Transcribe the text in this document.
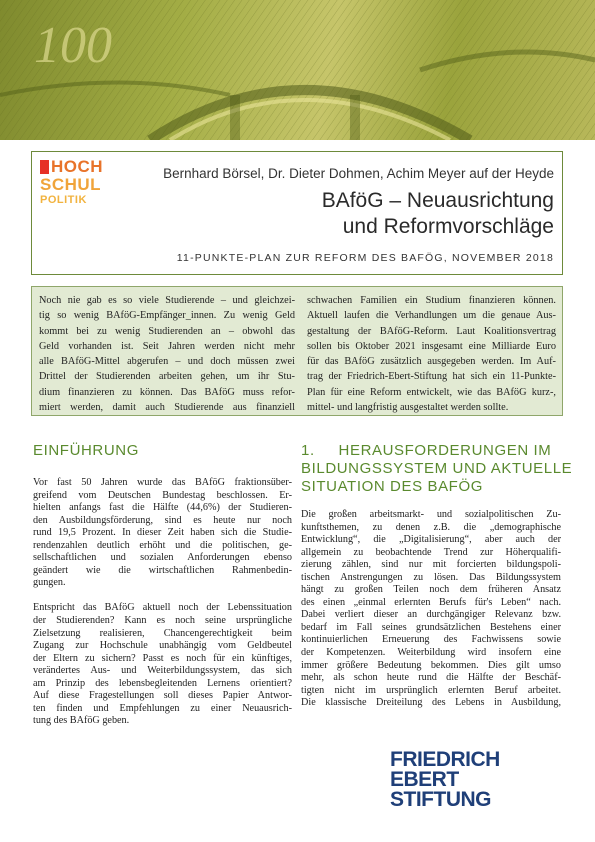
100
HOCH
SCHUL
POLITIK
Bernhard Börsel, Dr. Dieter Dohmen, Achim Meyer auf der Heyde
BAföG – Neuausrichtung
und Reformvorschläge
11-PUNKTE-PLAN ZUR REFORM DES BAFÖG, NOVEMBER 2018
Noch nie gab es so viele Studierende – und gleichzei-
tig so wenig BAföG-Empfänger_innen. Zu wenig Geld
kommt bei zu wenig Studierenden an – obwohl das
Geld vorhanden ist. Seit Jahren werden nicht mehr
alle BAföG-Mittel abgerufen – und doch müssen zwei
Drittel der Studierenden arbeiten gehen, um ihr Stu-
dium finanzieren zu können. Das BAföG muss refor-
miert werden, damit auch Studierende aus finanziell
schwachen Familien ein Studium finanzieren können.
Aktuell laufen die Verhandlungen um die genaue Aus-
gestaltung der BAföG-Reform. Laut Koalitionsvertrag
sollen bis Oktober 2021 insgesamt eine Milliarde Euro
für das BAföG zusätzlich ausgegeben werden. Im Auf-
trag der Friedrich-Ebert-Stiftung hat sich ein 11-Punkte-
Plan für eine Reform entwickelt, wie das BAföG kurz-,
mittel- und langfristig ausgestaltet werden sollte.
EINFÜHRUNG	1.     HERAUSFORDERUNGEN IM
BILDUNGSSYSTEM UND AKTUELLE
SITUATION DES BAFÖG
Vor fast 50 Jahren wurde das BAföG fraktionsüber-
greifend vom Deutschen Bundestag beschlossen. Er-
hielten anfangs fast die Hälfte (44,6%) der Studieren-
den Ausbildungsförderung, sind es heute nur noch
rund 19,5 Prozent. In dieser Zeit haben sich die Studie-
rendenzahlen deutlich erhöht und die politischen, ge-
sellschaftlichen und sozialen Anforderungen ebenso
geändert wie die wirtschaftlichen Rahmenbedin-
gungen.
Entspricht das BAföG aktuell noch der Lebenssituation
der Studierenden? Kann es noch seine ursprüngliche
Zielsetzung realisieren, Chancengerechtigkeit beim
Zugang zur Hochschule unabhängig vom Geldbeutel
der Eltern zu sichern? Passt es noch für ein künftiges,
verändertes Aus- und Weiterbildungssystem, das sich
am Prinzip des lebensbegleitenden Lernens orientiert?
Auf diese Fragestellungen soll dieses Papier Antwor-
ten finden und Empfehlungen zu einer Neuausrich-
tung des BAföG geben.
Die großen arbeitsmarkt- und sozialpolitischen Zu-
kunftsthemen, zu denen z.B. die „demographische
Entwicklung“, die „Digitalisierung“, aber auch der
allgemein zu beobachtende Trend zur Höherqualifi-
zierung zählen, sind nur mit forcierten bildungspoli-
tischen Anstrengungen zu lösen. Das Bildungssystem
hängt zu großen Teilen noch dem früheren Ansatz
des einen „einmal erlernten Berufs für's Leben“ nach.
Dabei verliert dieser an durchgängiger Relevanz bzw.
bedarf im Fall seines grundsätzlichen Bestehens einer
kontinuierlichen Erneuerung des Fachwissens sowie
der Kompetenzen. Weiterbildung wird insofern eine
immer größere Bedeutung bekommen. Dies gilt umso
mehr, als schon heute rund die Hälfte der Beschäf-
tigten nicht im ursprünglich erlernten Beruf arbeitet.
Die klassische Dreiteilung des Lebens in Ausbildung,
FRIEDRICH
EBERT
STIFTUNG
